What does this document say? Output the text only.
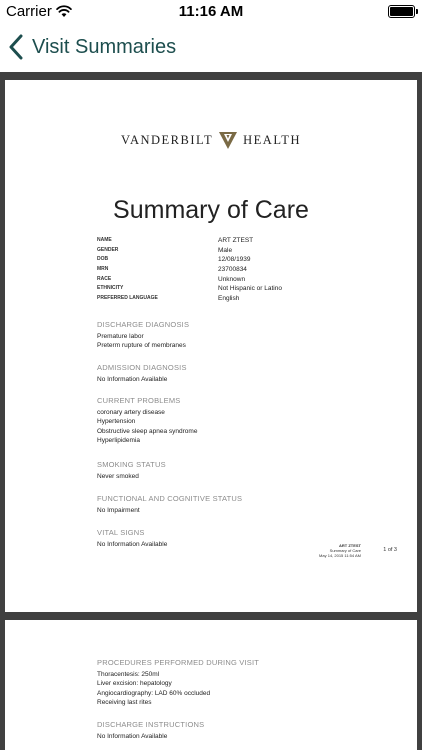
Carrier	11:16 AM
Visit Summaries
VANDERBILT HEALTH
Summary of Care
NAME	ART ZTEST
GENDER	Male
DOB	12/08/1939
MRN	23700834
RACE	Unknown
ETHNICITY	Not Hispanic or Latino
PREFERRED LANGUAGE	English
DISCHARGE DIAGNOSIS
Premature labor
Preterm rupture of membranes
ADMISSION DIAGNOSIS
No Information Available
CURRENT PROBLEMS
coronary artery disease
Hypertension
Obstructive sleep apnea syndrome
Hyperlipidemia
SMOKING STATUS
Never smoked
FUNCTIONAL AND COGNITIVE STATUS
No Impairment
VITAL SIGNS
No Information Available	ART ZTEST
Summary of Care
May 14, 2015 11:54 AM
1 of 3
PROCEDURES PERFORMED DURING VISIT
Thoracentesis: 250ml
Liver excision: hepatology
Angiocardiography: LAD 60% occluded
Receiving last rites
DISCHARGE INSTRUCTIONS
No Information Available
